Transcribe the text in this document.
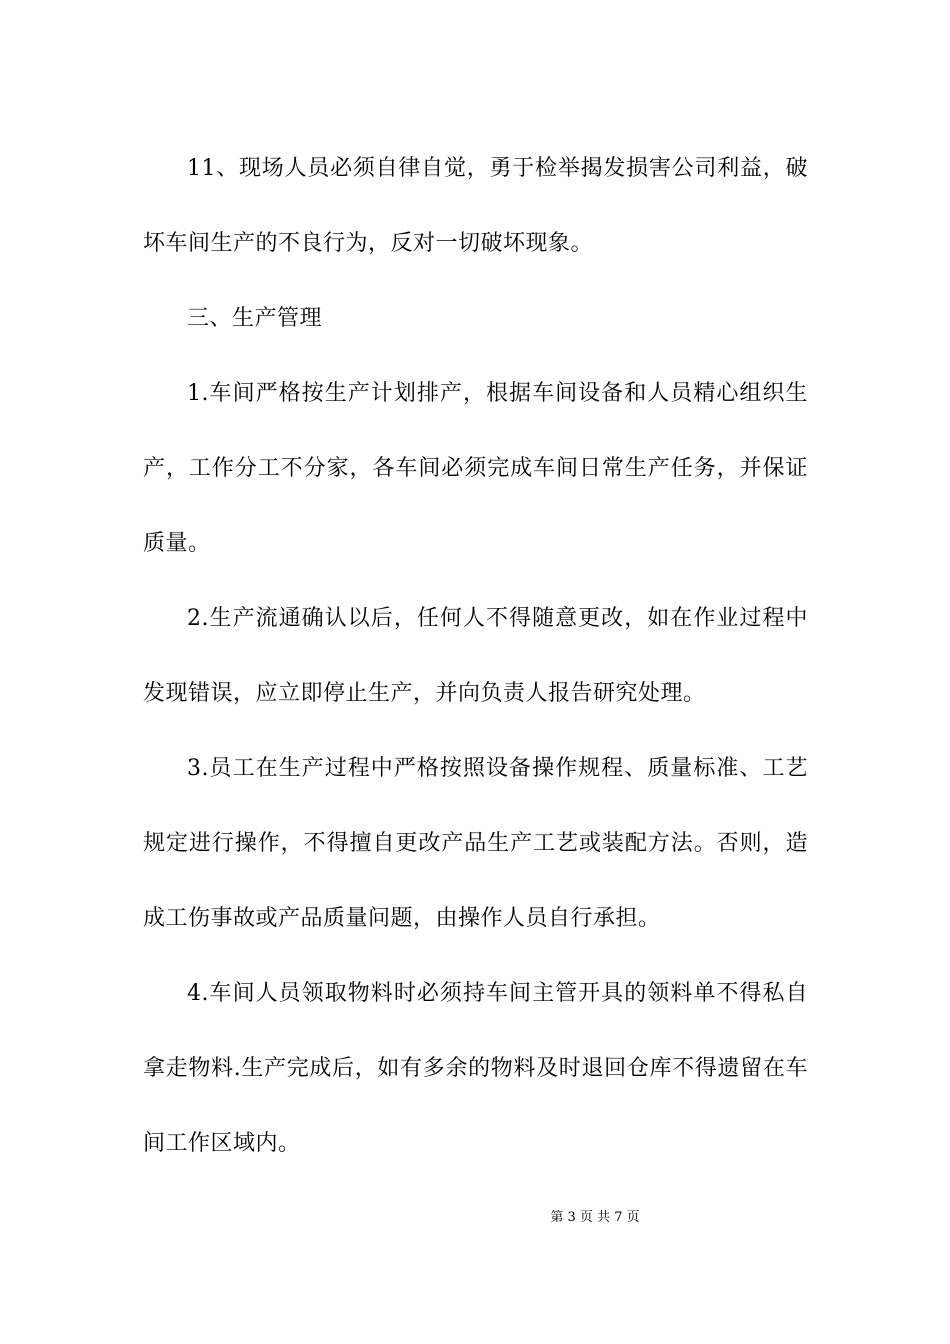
11、现场人员必须自律自觉，勇于检举揭发损害公司利益，破坏车间生产的不良行为，反对一切破坏现象。

三、生产管理

1.车间严格按生产计划排产，根据车间设备和人员精心组织生产，工作分工不分家，各车间必须完成车间日常生产任务，并保证质量。

2.生产流通确认以后，任何人不得随意更改，如在作业过程中发现错误，应立即停止生产，并向负责人报告研究处理。

3.员工在生产过程中严格按照设备操作规程、质量标准、工艺规定进行操作，不得擅自更改产品生产工艺或装配方法。否则，造成工伤事故或产品质量问题，由操作人员自行承担。

4.车间人员领取物料时必须持车间主管开具的领料单不得私自拿走物料.生产完成后，如有多余的物料及时退回仓库不得遗留在车间工作区域内。

第 3 页 共 7 页
